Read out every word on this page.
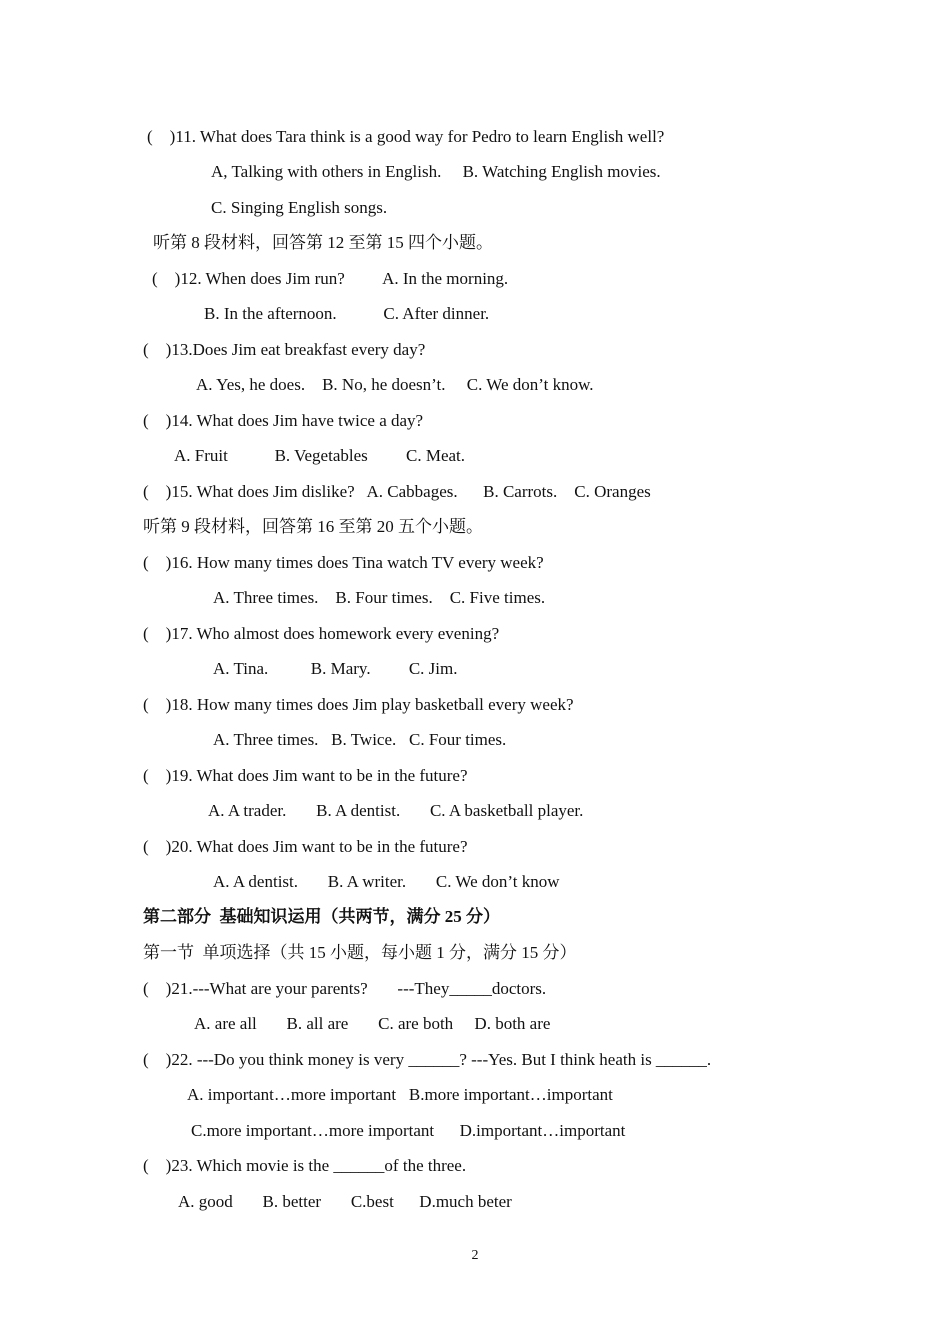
(    )11. What does Tara think is a good way for Pedro to learn English well?
A, Talking with others in English.     B. Watching English movies.
C. Singing English songs.
听第 8 段材料，回答第 12 至第 15 四个小题。
(    )12. When does Jim run?         A. In the morning.
B. In the afternoon.           C. After dinner.
(    )13.Does Jim eat breakfast every day?
A. Yes, he does.    B. No, he doesn’t.     C. We don’t know.
(    )14. What does Jim have twice a day?
A. Fruit           B. Vegetables         C. Meat.
(    )15. What does Jim dislike?   A. Cabbages.      B. Carrots.    C. Oranges
听第 9 段材料，回答第 16 至第 20 五个小题。
(    )16. How many times does Tina watch TV every week?
A. Three times.    B. Four times.    C. Five times.
(    )17. Who almost does homework every evening?
A. Tina.          B. Mary.         C. Jim.
(    )18. How many times does Jim play basketball every week?
A. Three times.   B. Twice.   C. Four times.
(    )19. What does Jim want to be in the future?
A. A trader.       B. A dentist.       C. A basketball player.
(    )20. What does Jim want to be in the future?
A. A dentist.       B. A writer.       C. We don’t know
第二部分  基础知识运用（共两节，满分 25 分）
第一节  单项选择（共 15 小题，每小题 1 分，满分 15 分）
(    )21.---What are your parents?       ---They_____doctors.
A. are all       B. all are       C. are both     D. both are
(    )22. ---Do you think money is very ______? ---Yes. But I think heath is ______.
A. important…more important   B.more important…important
C.more important…more important      D.important…important
(    )23. Which movie is the ______of the three.
A. good       B. better       C.best      D.much beter
2
